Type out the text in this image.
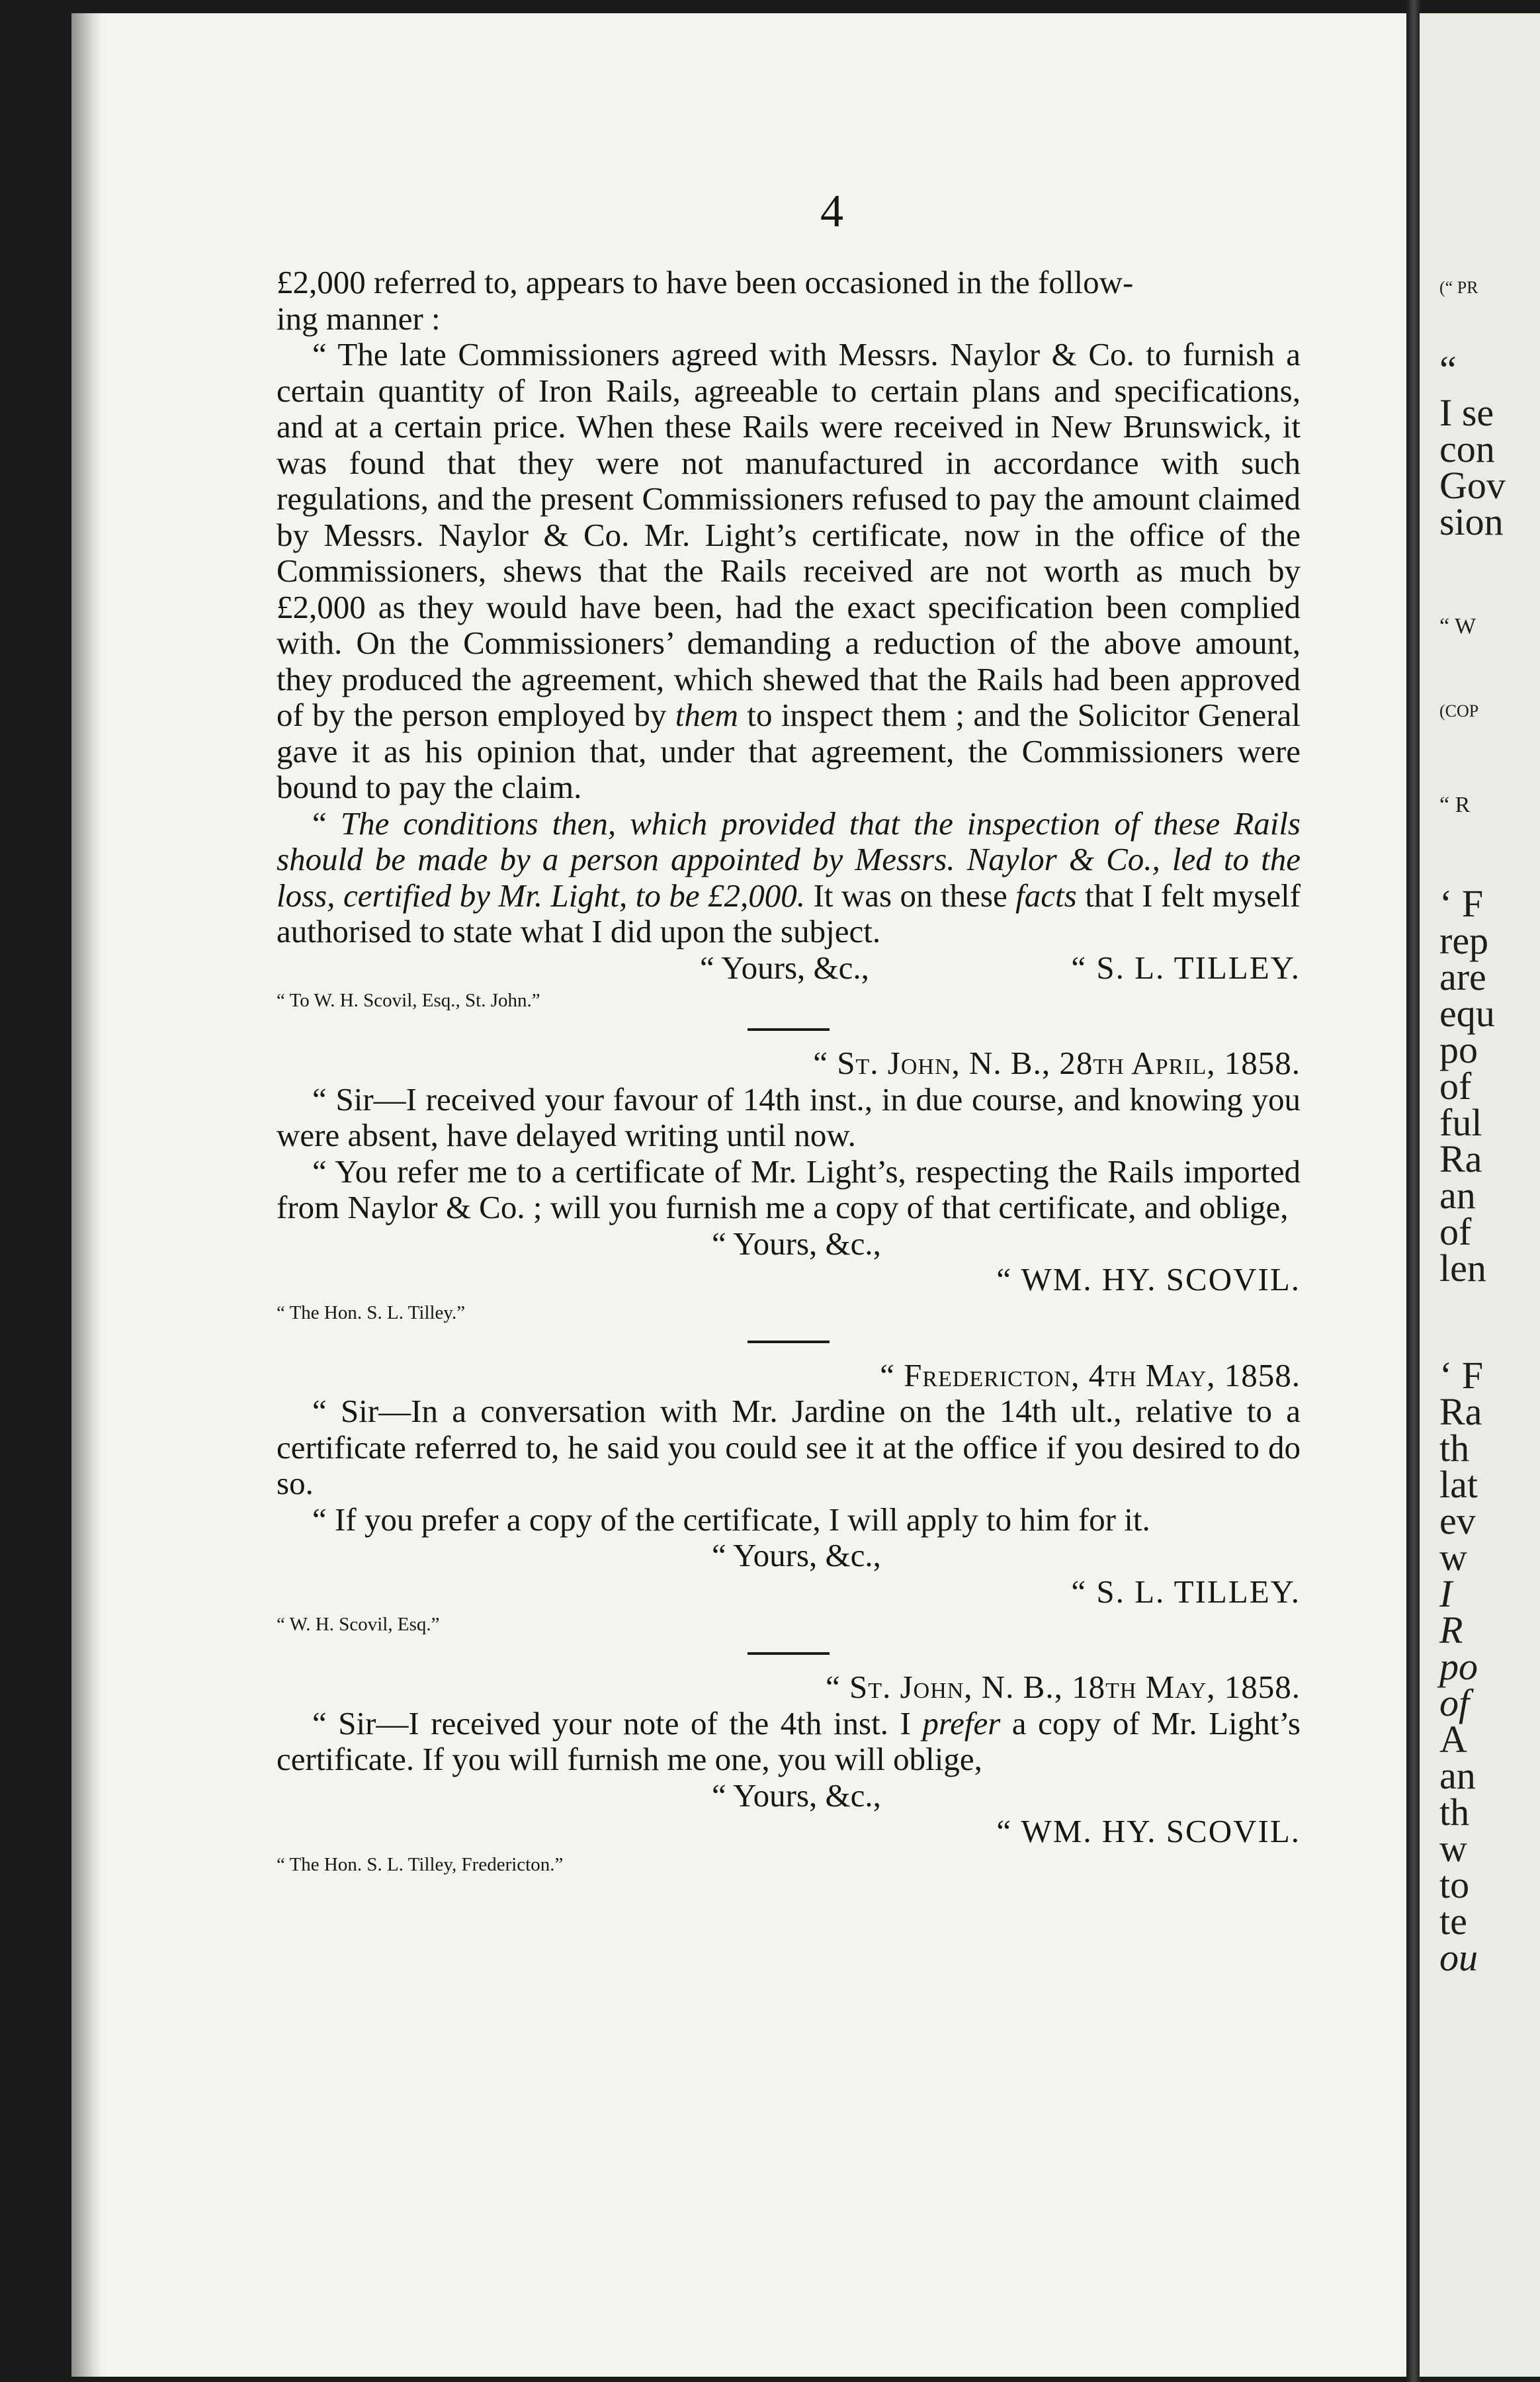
(“ PR
“
I se
con
Gov
sion
“ W
(COP
“ R
‘ F
rep
are
equ
po
of
ful
Ra
an
of
len
‘ F
Ra
th
lat
ev
w
I
R
po
of
A
an
th
w
to
te
ou
4

£2,000 referred to, appears to have been occasioned in the follow-

ing manner :

“ The late Commissioners agreed with Messrs. Naylor & Co. to furnish a certain quantity of Iron Rails, agreeable to certain plans and specifications, and at a certain price. When these Rails were received in New Brunswick, it was found that they were not manufactured in accordance with such regulations, and the present Commissioners refused to pay the amount claimed by Messrs. Naylor & Co. Mr. Light’s certificate, now in the office of the Commissioners, shews that the Rails received are not worth as much by £2,000 as they would have been, had the exact specification been complied with. On the Commissioners’ demanding a reduction of the above amount, they produced the agreement, which shewed that the Rails had been approved of by the person employed by them to inspect them ; and the Solicitor General gave it as his opinion that, under that agreement, the Commissioners were bound to pay the claim.

“ The conditions then, which provided that the inspection of these Rails should be made by a person appointed by Messrs. Naylor & Co., led to the loss, certified by Mr. Light, to be £2,000. It was on these facts that I felt myself authorised to state what I did upon the subject.

“ Yours, &c.,	“ S. L. TILLEY.

“ To W. H. Scovil, Esq., St. John.”

“ St. John, N. B., 28th April, 1858.

“ Sir—I received your favour of 14th inst., in due course, and knowing you were absent, have delayed writing until now.

“ You refer me to a certificate of Mr. Light’s, respecting the Rails imported from Naylor & Co. ; will you furnish me a copy of that certificate, and oblige,

“ Yours, &c.,

“ WM. HY. SCOVIL.

“ The Hon. S. L. Tilley.”

“ Fredericton, 4th May, 1858.

“ Sir—In a conversation with Mr. Jardine on the 14th ult., relative to a certificate referred to, he said you could see it at the office if you desired to do so.

“ If you prefer a copy of the certificate, I will apply to him for it.

“ Yours, &c.,

“ S. L. TILLEY.

“ W. H. Scovil, Esq.”

“ St. John, N. B., 18th May, 1858.

“ Sir—I received your note of the 4th inst. I prefer a copy of Mr. Light’s certificate. If you will furnish me one, you will oblige,

“ Yours, &c.,

“ WM. HY. SCOVIL.

“ The Hon. S. L. Tilley, Fredericton.”
